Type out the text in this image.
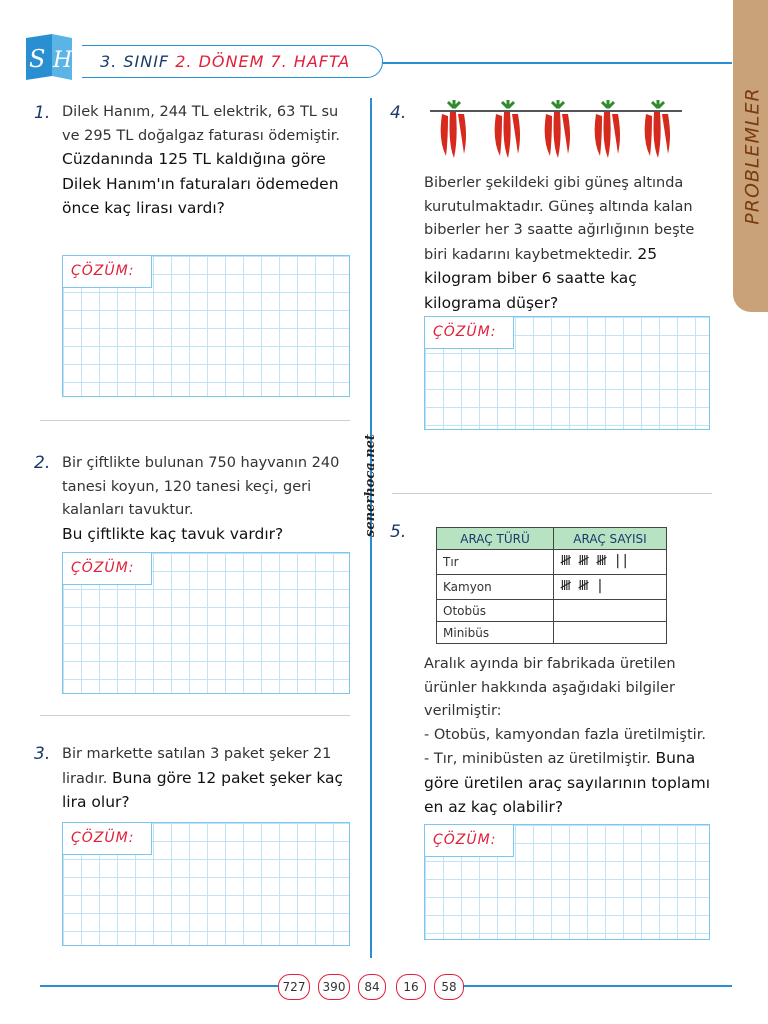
S H 3. SINIF 2. DÖNEM 7. HAFTA
PROBLEMLER
senerhoca.net
1. Dilek Hanım, 244 TL elektrik, 63 TL su ve 295 TL doğalgaz faturası ödemiştir.
Cüzdanında 125 TL kaldığına göre Dilek Hanım'ın faturaları ödemeden önce kaç lirası vardı?
ÇÖZÜM:
2. Bir çiftlikte bulunan 750 hayvanın 240 tanesi koyun, 120 tanesi keçi, geri kalanları tavuktur.
Bu çiftlikte kaç tavuk vardır?
ÇÖZÜM:
3. Bir markette satılan 3 paket şeker 21 liradır. Buna göre 12 paket şeker kaç lira olur?
ÇÖZÜM:
4.
Biberler şekildeki gibi güneş altında kurutulmaktadır. Güneş altında kalan biberler her 3 saatte ağırlığının beşte biri kadarını kaybetmektedir. 25 kilogram biber 6 saatte kaç kilograma düşer?
ÇÖZÜM:
5.	ARAÇ TÜRÜ	ARAÇ SAYISI
Tır	𝍸 𝍸 𝍸 ||
Kamyon	𝍸 𝍸 |
Otobüs	
Minibüs	
Aralık ayında bir fabrikada üretilen ürünler hakkında aşağıdaki bilgiler verilmiştir:
- Otobüs, kamyondan fazla üretilmiştir.
- Tır, minibüsten az üretilmiştir. Buna göre üretilen araç sayılarının toplamı en az kaç olabilir?
ÇÖZÜM:
727	390	84	16	58
